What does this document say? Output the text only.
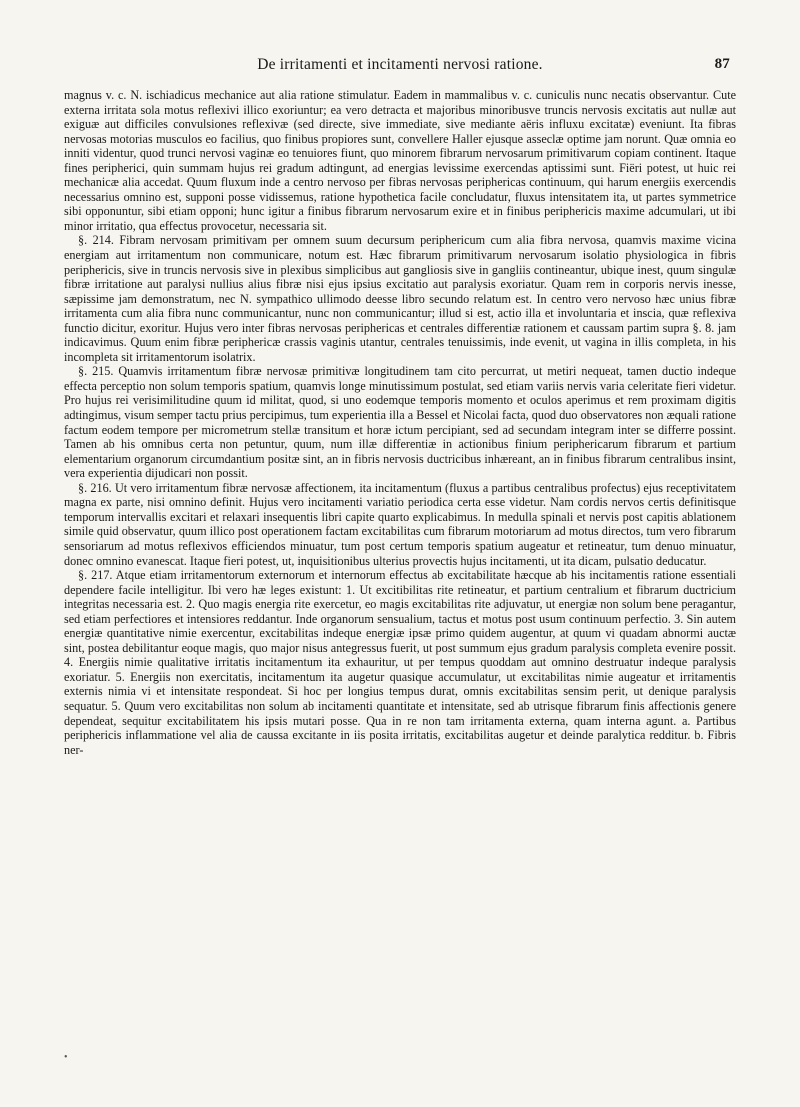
De irritamenti et incitamenti nervosi ratione.	87

magnus v. c. N. ischiadicus mechanice aut alia ratione stimulatur. Eadem in mammalibus v. c. cuniculis nunc necatis observantur. Cute externa irritata sola motus reflexivi illico exoriuntur; ea vero detracta et majoribus minoribusve truncis nervosis excitatis aut nullæ aut exiguæ aut difficiles convulsiones reflexivæ (sed directe, sive immediate, sive mediante aëris influxu excitatæ) eveniunt. Ita fibras nervosas motorias musculos eo facilius, quo finibus propiores sunt, convellere Haller ejusque asseclæ optime jam norunt. Quæ omnia eo inniti videntur, quod trunci nervosi vaginæ eo tenuiores fiunt, quo minorem fibrarum nervosarum primitivarum copiam continent. Itaque fines peripherici, quin summam hujus rei gradum adtingunt, ad energias levissime exercendas aptissimi sunt. Fiëri potest, ut huic rei mechanicæ alia accedat. Quum fluxum inde a centro nervoso per fibras nervosas periphericas continuum, qui harum energiis exercendis necessarius omnino est, supponi posse vidissemus, ratione hypothetica facile concludatur, fluxus intensitatem ita, ut partes symmetrice sibi opponuntur, sibi etiam opponi; hunc igitur a finibus fibrarum nervosarum exire et in finibus periphericis maxime adcumulari, ut ibi minor irritatio, qua effectus provocetur, necessaria sit.

§. 214. Fibram nervosam primitivam per omnem suum decursum periphericum cum alia fibra nervosa, quamvis maxime vicina energiam aut irritamentum non communicare, notum est. Hæc fibrarum primitivarum nervosarum isolatio physiologica in fibris periphericis, sive in truncis nervosis sive in plexibus simplicibus aut gangliosis sive in gangliis contineantur, ubique inest, quum singulæ fibræ irritatione aut paralysi nullius alius fibræ nisi ejus ipsius excitatio aut paralysis exoriatur. Quam rem in corporis nervis inesse, sæpissime jam demonstratum, nec N. sympathico ullimodo deesse libro secundo relatum est. In centro vero nervoso hæc unius fibræ irritamenta cum alia fibra nunc communicantur, nunc non communicantur; illud si est, actio illa et involuntaria et inscia, quæ reflexiva functio dicitur, exoritur. Hujus vero inter fibras nervosas periphericas et centrales differentiæ rationem et caussam partim supra §. 8. jam indicavimus. Quum enim fibræ periphericæ crassis vaginis utantur, centrales tenuissimis, inde evenit, ut vagina in illis completa, in his incompleta sit irritamentorum isolatrix.

§. 215. Quamvis irritamentum fibræ nervosæ primitivæ longitudinem tam cito percurrat, ut metiri nequeat, tamen ductio indeque effecta perceptio non solum temporis spatium, quamvis longe minutissimum postulat, sed etiam variis nervis varia celeritate fieri videtur. Pro hujus rei verisimilitudine quum id militat, quod, si uno eodemque temporis momento et oculos aperimus et rem proximam digitis adtingimus, visum semper tactu prius percipimus, tum experientia illa a Bessel et Nicolai facta, quod duo observatores non æquali ratione factum eodem tempore per micrometrum stellæ transitum et horæ ictum percipiant, sed ad secundam integram inter se differre possint. Tamen ab his omnibus certa non petuntur, quum, num illæ differentiæ in actionibus finium periphericarum fibrarum et partium elementarium organorum circumdantium positæ sint, an in fibris nervosis ductricibus inhæreant, an in finibus fibrarum centralibus insint, vera experientia dijudicari non possit.

§. 216. Ut vero irritamentum fibræ nervosæ affectionem, ita incitamentum (fluxus a partibus centralibus profectus) ejus receptivitatem magna ex parte, nisi omnino definit. Hujus vero incitamenti variatio periodica certa esse videtur. Nam cordis nervos certis definitisque temporum intervallis excitari et relaxari insequentis libri capite quarto explicabimus. In medulla spinali et nervis post capitis ablationem simile quid observatur, quum illico post operationem factam excitabilitas cum fibrarum motoriarum ad motus directos, tum vero fibrarum sensoriarum ad motus reflexivos efficiendos minuatur, tum post certum temporis spatium augeatur et retineatur, tum denuo minuatur, donec omnino evanescat. Itaque fieri potest, ut, inquisitionibus ulterius provectis hujus incitamenti, ut ita dicam, pulsatio deducatur.

§. 217. Atque etiam irritamentorum externorum et internorum effectus ab excitabilitate hæcque ab his incitamentis ratione essentiali dependere facile intelligitur. Ibi vero hæ leges existunt: 1. Ut excitibilitas rite retineatur, et partium centralium et fibrarum ductricium integritas necessaria est. 2. Quo magis energia rite exercetur, eo magis excitabilitas rite adjuvatur, ut energiæ non solum bene peragantur, sed etiam perfectiores et intensiores reddantur. Inde organorum sensualium, tactus et motus post usum continuum perfectio. 3. Sin autem energiæ quantitative nimie exercentur, excitabilitas indeque energiæ ipsæ primo quidem augentur, at quum vi quadam abnormi auctæ sint, postea debilitantur eoque magis, quo major nisus antegressus fuerit, ut post summum ejus gradum paralysis completa evenire possit. 4. Energiis nimie qualitative irritatis incitamentum ita exhauritur, ut per tempus quoddam aut omnino destruatur indeque paralysis exoriatur. 5. Energiis non exercitatis, incitamentum ita augetur quasique accumulatur, ut excitabilitas nimie augeatur et irritamentis externis nimia vi et intensitate respondeat. Si hoc per longius tempus durat, omnis excitabilitas sensim perit, ut denique paralysis sequatur. 5. Quum vero excitabilitas non solum ab incitamenti quantitate et intensitate, sed ab utrisque fibrarum finis affectionis genere dependeat, sequitur excitabilitatem his ipsis mutari posse. Qua in re non tam irritamenta externa, quam interna agunt. a. Partibus periphericis inflammatione vel alia de caussa excitante in iis posita irritatis, excitabilitas augetur et deinde paralytica redditur. b. Fibris ner-

•
